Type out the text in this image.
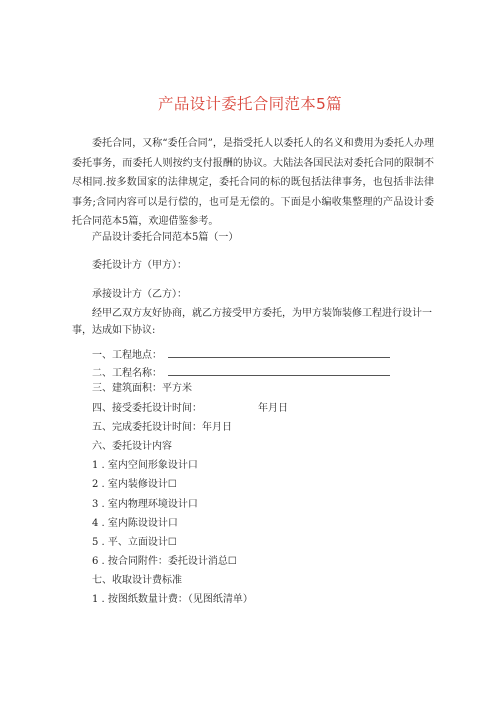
产品设计委托合同范本5篇

委托合同，又称“委任合同”，是指受托人以委托人的名义和费用为委托人办理委托事务，而委托人则按约支付报酬的协议。大陆法各国民法对委托合同的限制不尽相同.按多数国家的法律规定，委托合同的标的既包括法律事务，也包括非法律事务;含同内容可以是行偿的，也可是无偿的。下面是小编收集整理的产品设计委托合同范本5篇，欢迎借鉴参考。

产品设计委托合同范本5篇（一）
委托设计方（甲方）：
承接设计方（乙方）：

经甲乙双方友好协商，就乙方接受甲方委托，为甲方装饰装修工程进行设计一事，达成如下协议:

一、工程地点：
二、工程名称：
三、建筑面积：平方米
四、接受委托设计时间：	年月日
五、完成委托设计时间：年月日
六、委托设计内容
1 . 室内空间形象设计口
2 . 室内装修设计☐
3 . 室内物理环境设计口
4 . 室内陈设设计口
5 . 平、立面设计☐
6 . 按合同附件：委托设计消总☐
七、收取设计费标准
1 . 按图纸数量计费：（见图纸清单）
